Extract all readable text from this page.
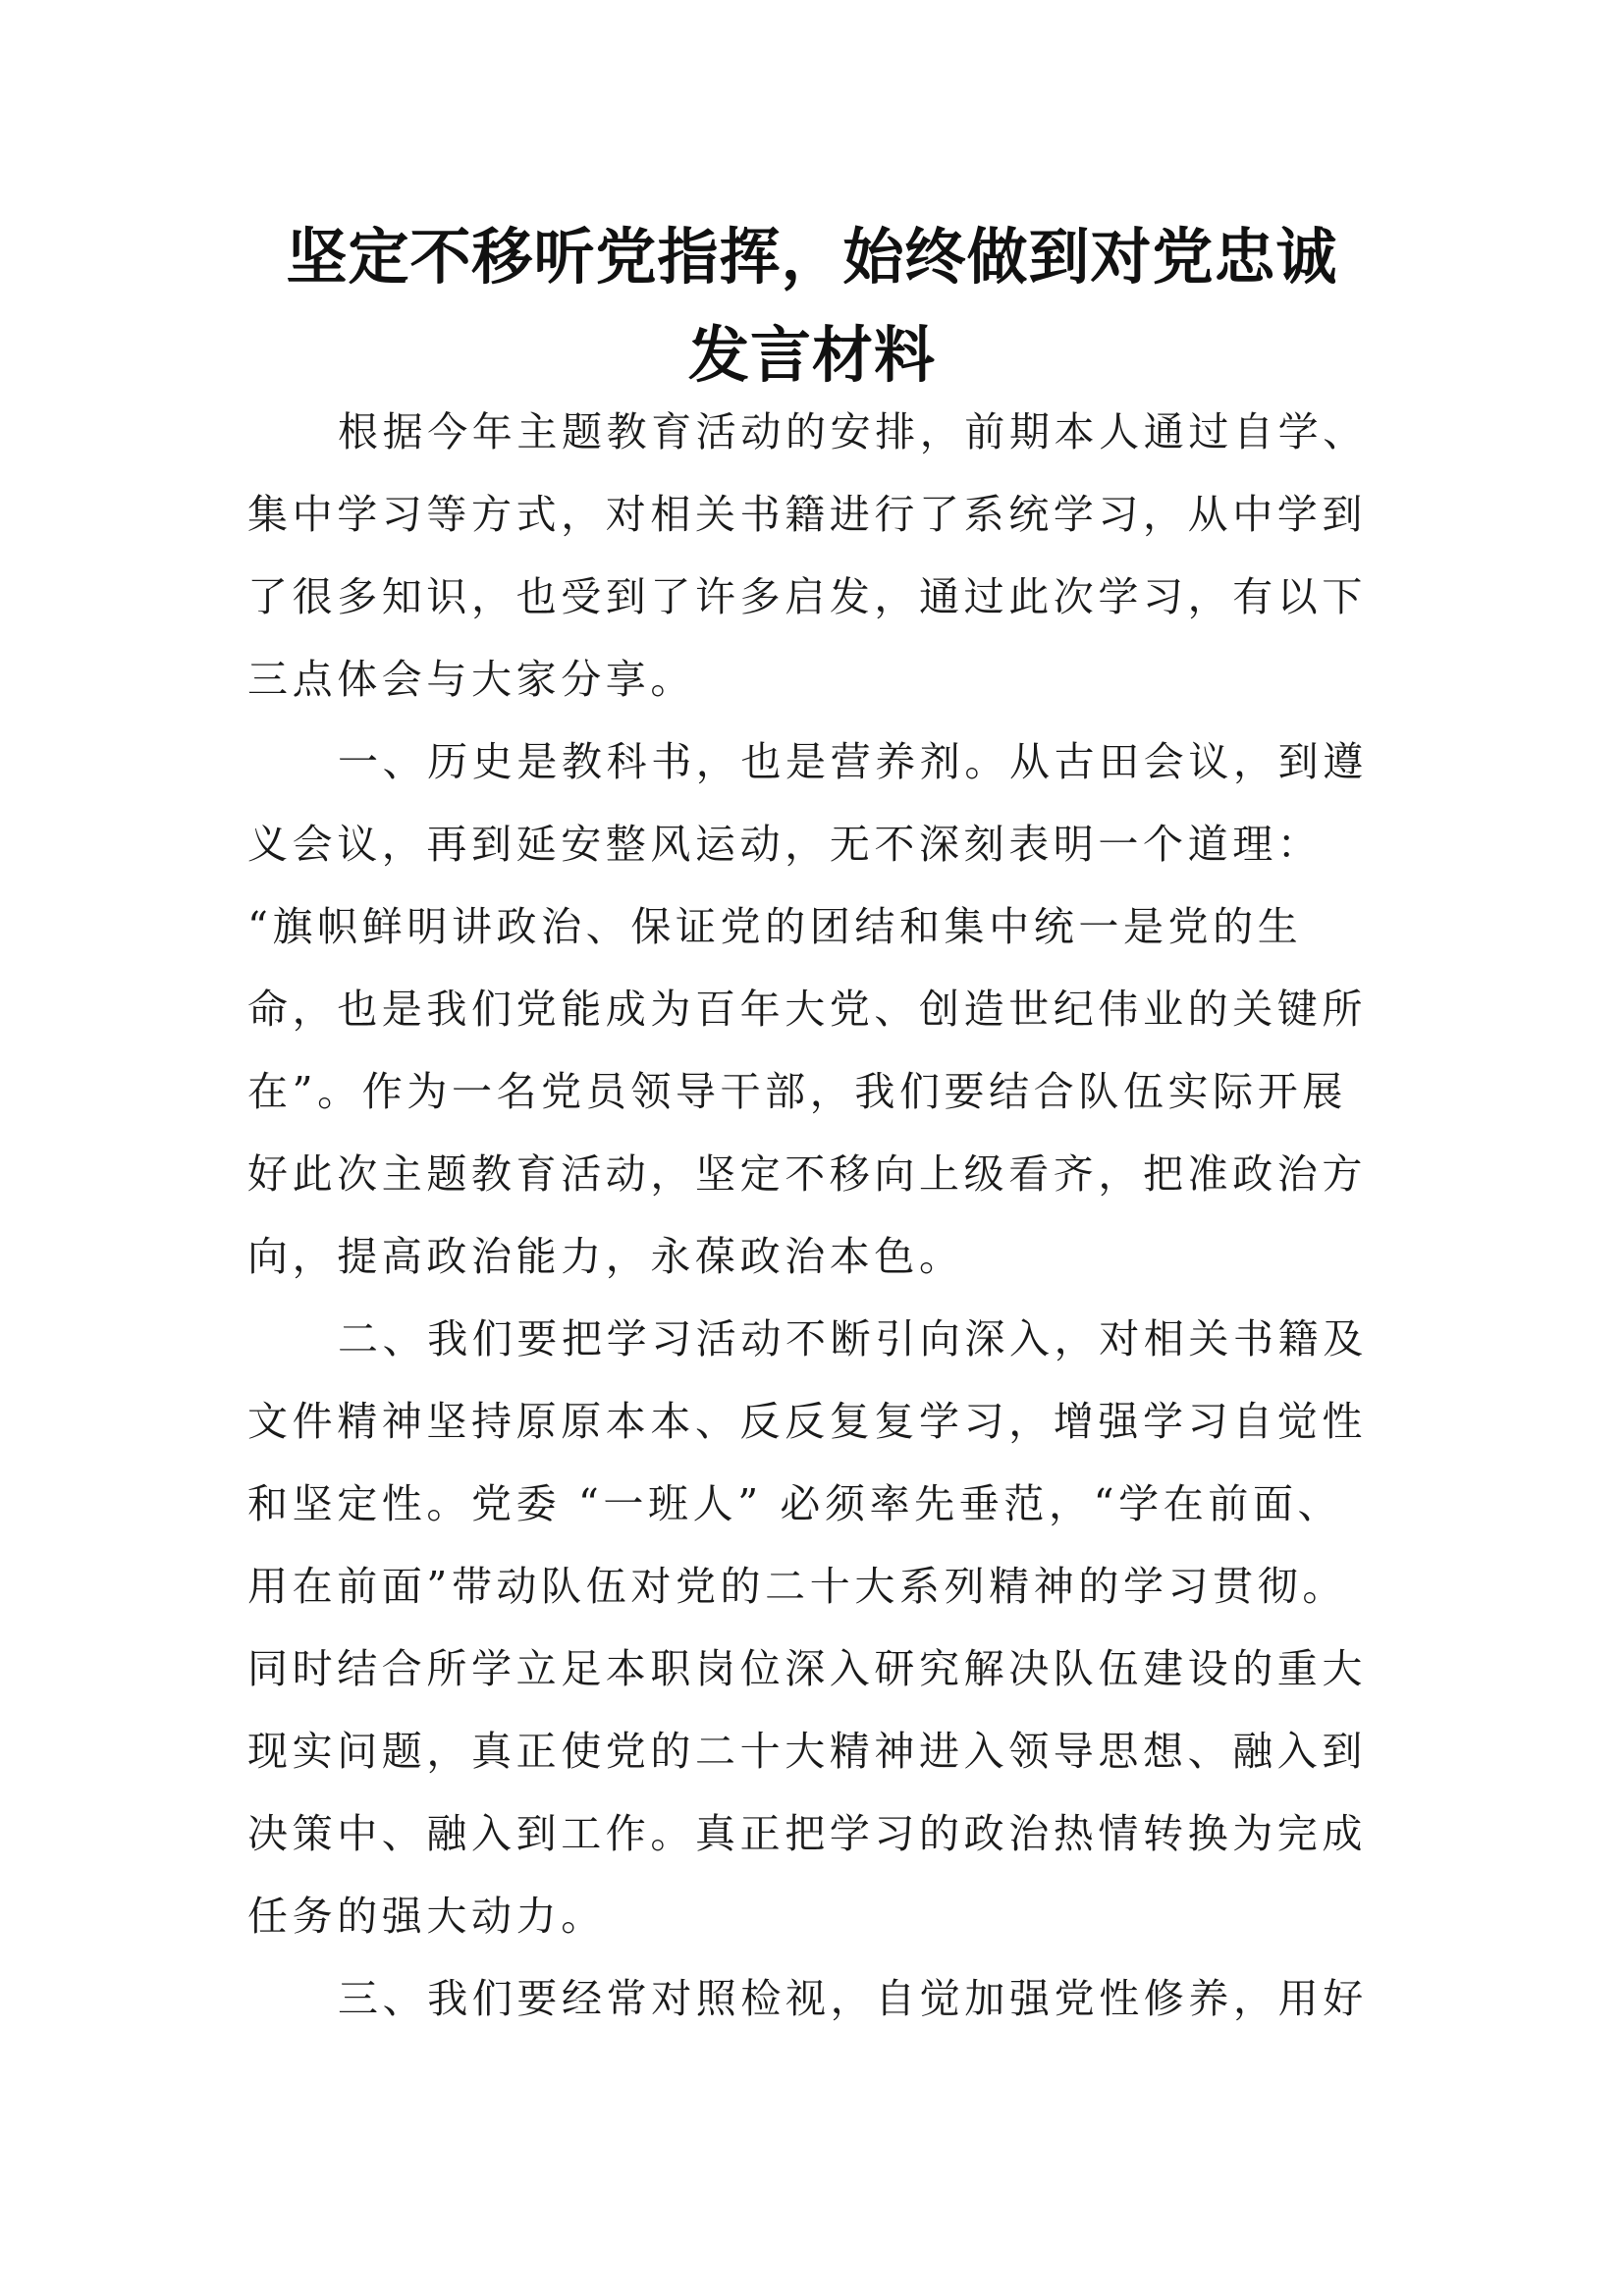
坚定不移听党指挥，始终做到对党忠诚
发言材料
根据今年主题教育活动的安排，前期本人通过自学、
集中学习等方式，对相关书籍进行了系统学习，从中学到
了很多知识，也受到了许多启发，通过此次学习，有以下
三点体会与大家分享。
一、历史是教科书，也是营养剂。从古田会议，到遵
义会议，再到延安整风运动，无不深刻表明一个道理：
“旗帜鲜明讲政治、保证党的团结和集中统一是党的生
命，也是我们党能成为百年大党、创造世纪伟业的关键所
在”。作为一名党员领导干部，我们要结合队伍实际开展
好此次主题教育活动，坚定不移向上级看齐，把准政治方
向，提高政治能力，永葆政治本色。
二、我们要把学习活动不断引向深入，对相关书籍及
文件精神坚持原原本本、反反复复学习，增强学习自觉性
和坚定性。党委 “一班人” 必须率先垂范，“学在前面、
用在前面”带动队伍对党的二十大系列精神的学习贯彻。
同时结合所学立足本职岗位深入研究解决队伍建设的重大
现实问题，真正使党的二十大精神进入领导思想、融入到
决策中、融入到工作。真正把学习的政治热情转换为完成
任务的强大动力。
三、我们要经常对照检视，自觉加强党性修养，用好
